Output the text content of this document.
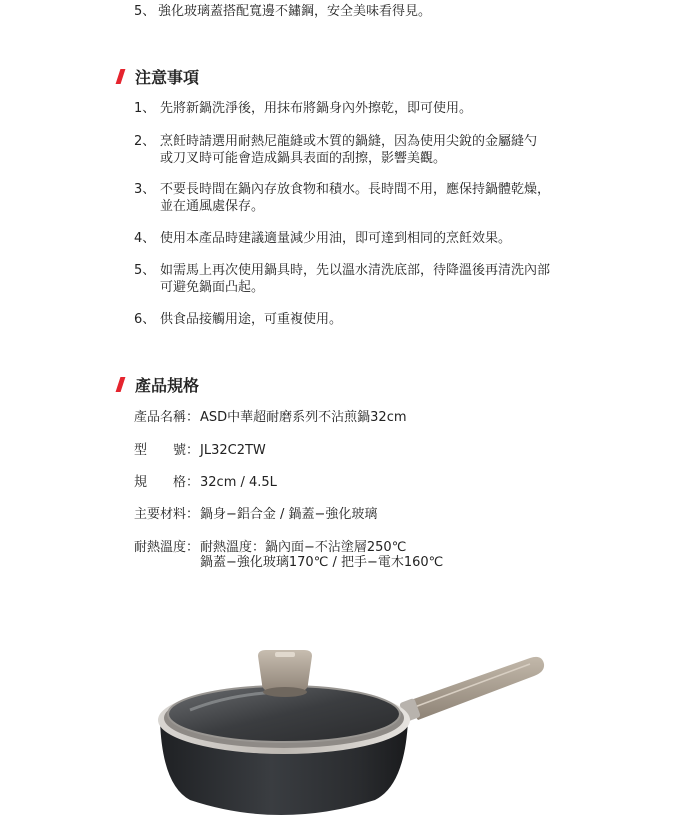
5、 強化玻璃蓋搭配寬邊不鏽鋼，安全美味看得見。
注意事項
1、 先將新鍋洗淨後，用抹布將鍋身內外擦乾，即可使用。
2、 烹飪時請選用耐熱尼龍縫或木質的鍋縫，因為使用尖銳的金屬縫勺
或刀叉時可能會造成鍋具表面的刮擦，影響美觀。
3、 不要長時間在鍋內存放食物和積水。長時間不用，應保持鍋體乾燥，
並在通風處保存。
4、 使用本產品時建議適量減少用油，即可達到相同的烹飪效果。
5、 如需馬上再次使用鍋具時，先以溫水清洗底部，待降溫後再清洗內部
可避免鍋面凸起。
6、 供食品接觸用途，可重複使用。
產品規格
產品名稱： ASD中華超耐磨系列不沾煎鍋32cm
型　　號： JL32C2TW
規　　格： 32cm / 4.5L
主要材料： 鍋身−鋁合金 / 鍋蓋−強化玻璃
耐熱溫度： 耐熱溫度：鍋內面−不沾塗層250℃
鍋蓋−強化玻璃170℃ / 把手−電木160℃
